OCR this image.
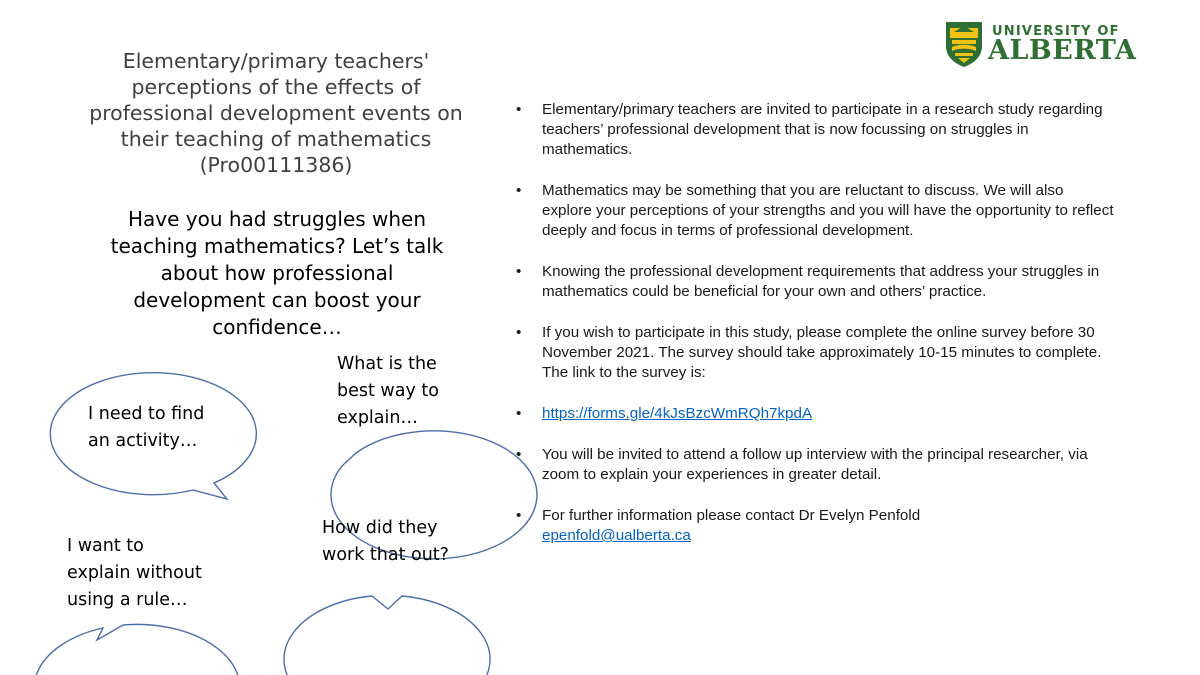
UNIVERSITY OF
ALBERTA
Elementary/primary teachers'
perceptions of the effects of
professional development events on
their teaching of mathematics
(Pro00111386)
Have you had struggles when
teaching mathematics? Let’s talk
about how professional
development can boost your
confidence…
I need to find
an activity…
What is the
best way to
explain…
I want to
explain without
using a rule…
How did they
work that out?
• Elementary/primary teachers are invited to participate in a research study regarding teachers’ professional development that is now focussing on struggles in mathematics.
• Mathematics may be something that you are reluctant to discuss. We will also explore your perceptions of your strengths and you will have the opportunity to reflect deeply and focus in terms of professional development.
• Knowing the professional development requirements that address your struggles in mathematics could be beneficial for your own and others’ practice.
• If you wish to participate in this study, please complete the online survey before 30 November 2021. The survey should take approximately 10-15 minutes to complete. The link to the survey is:
• https://forms.gle/4kJsBzcWmRQh7kpdA
• You will be invited to attend a follow up interview with the principal researcher, via zoom to explain your experiences in greater detail.
• For further information please contact Dr Evelyn Penfold
epenfold@ualberta.ca
